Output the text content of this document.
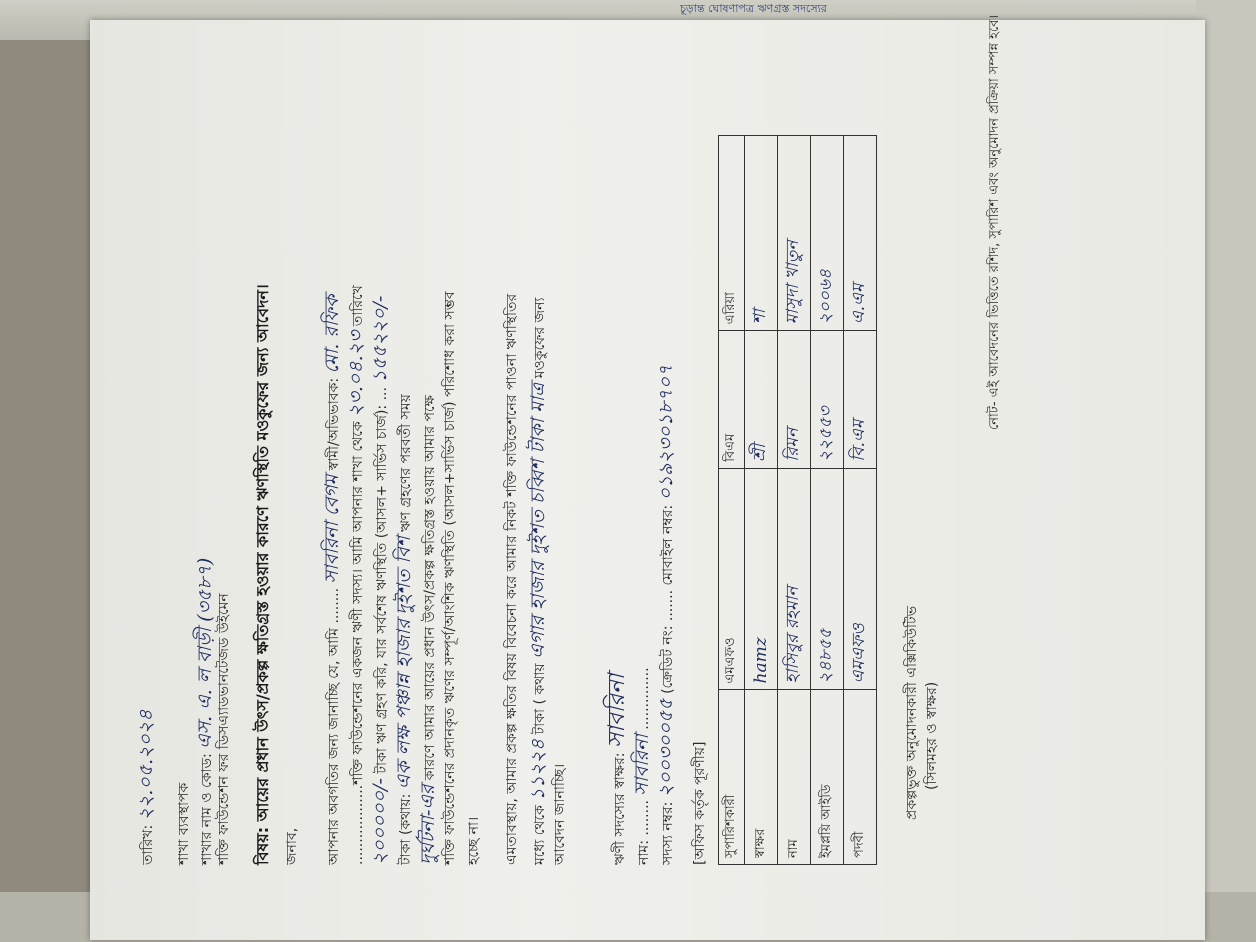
চূড়ান্ত ঘোষণাপত্র ঋণগ্রস্ত সদস্যের
তারিখ: ২২.০৫.২০২৪
শাখা ব্যবস্থাপক শাখার নাম ও কোড: এস. এ. ল বাড়ী (৩৫৮৭) শক্তি ফাউন্ডেশন ফর ডিসএ্যাডভানটেজড উইমেন বিষয়: আয়ের প্রধান উৎস/প্রকল্প ক্ষতিগ্রস্ত হওয়ার কারণে ঋণস্থিতি মওকুফের জন্য আবেদন। জনাব,	আপনার অবগতির জন্য জানাচ্ছি যে, আমি ........ সাবরিনা বেগম স্বামী/অভিভাবক: মো. রফিক
..................শক্তি ফাউন্ডেশনের একজন ঋণী সদস্য। আমি আপনার শাখা থেকে ২৩.০৪.২৩ তারিখে
২০০০০০/- টাকা ঋণ গ্রহণ করি, যার সর্বশেষ ঋণস্থিতি (আসল+ সার্ভিস চার্জ): ... ১৫৫২২০/-
টাকা (কথায়: এক লক্ষ পঞ্চান্ন হাজার দুইশত বিশ ঋণ গ্রহণের পরবর্তী সময়
দুর্ঘটনা-এর কারণে আমার আয়ের প্রধান উৎস/প্রকল্প ক্ষতিগ্রস্ত হওয়ায় আমার পক্ষে শক্তি ফাউন্ডেশনের প্রদানকৃত ঋণের সম্পূর্ণ/আংশিক ঋণস্থিতি (আসল+সার্ভিস চার্জ) পরিশোধ করা সম্ভব হচ্ছে না। এমতাবস্থায়, আমার প্রকল্প ক্ষতির বিষয় বিবেচনা করে আমার নিকট শক্তি ফাউন্ডেশনের পাওনা ঋণস্থিতির মধ্যে থেকে ১১২২৪ টাকা ( কথায় এগার হাজার দুইশত চব্বিশ টাকা মাত্র মওকুফের জন্য
আবেদন জানাচ্ছি।	ঋণী সদস্যের স্বাক্ষর: সাবরিনা
নাম: ........ সাবরিনা ..............
সদস্য নম্বর: ২০০৩০০৫৫ (ক্রেডিট নং: ....... মোবাইল নম্বর: ০১৯২৩০১৮৭০৭
[অফিস কর্তৃক পূরণীয়]	সুপারিশকারী	এমএফও	বিএম	এরিয়া
স্বাক্ষর	hamz	শ্রী	শা
নাম	হাসিবুর রহমান	রিমন	মাসুদা খাতুন
ইমপ্লয়ি আইডি	২৪৮৫৫	২২৫৫৩	২০০৬৪
পদবী	এমএফও	বি.এম	এ.এম
প্রকল্পভুক্ত অনুমোদনকারী এক্সিকিউটিভ (সিলমহর ও স্বাক্ষর)
নোট- এই আবেদনের ভিত্তিতে রশিদ, সুপারিশ এবং অনুমোদন প্রক্রিয়া সম্পন্ন হবে।
